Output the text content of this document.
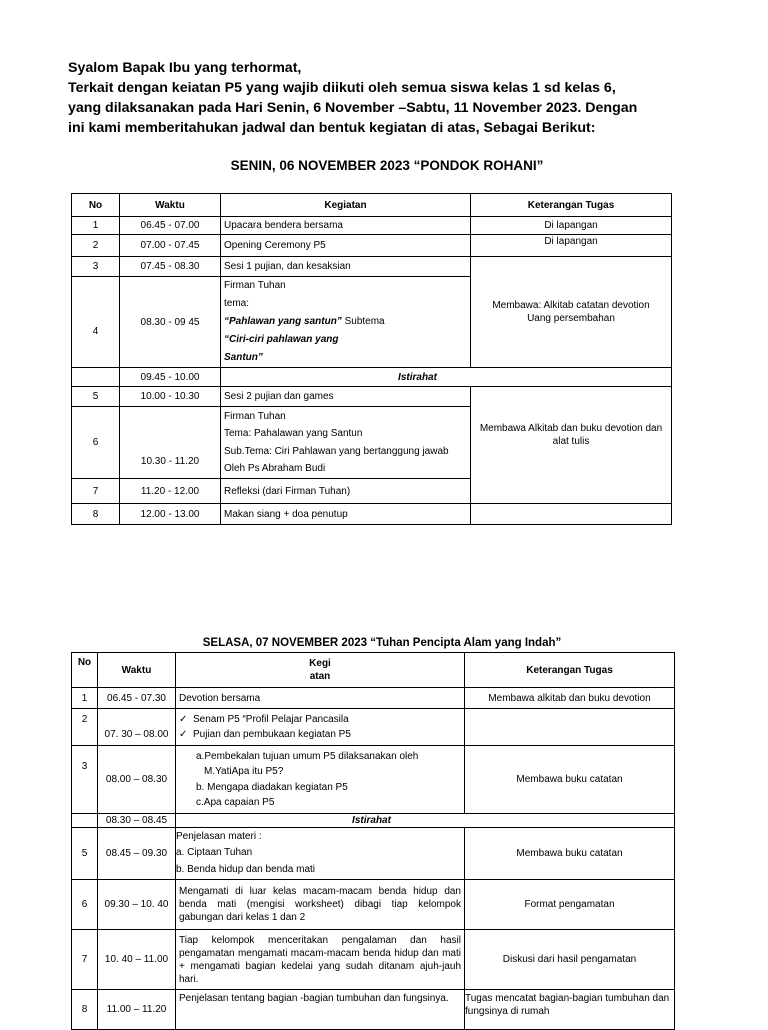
Syalom Bapak Ibu yang terhormat,
Terkait dengan keiatan P5 yang wajib diikuti oleh semua siswa kelas 1 sd kelas 6,
yang dilaksanakan pada Hari Senin, 6 November –Sabtu, 11 November 2023. Dengan
ini kami memberitahukan jadwal dan bentuk kegiatan di atas, Sebagai Berikut:
SENIN, 06 NOVEMBER 2023 “PONDOK ROHANI”
No	Waktu	Kegiatan	Keterangan Tugas
1	06.45 - 07.00	Upacara bendera bersama	Di lapangan
2	07.00 - 07.45	Opening Ceremony P5	Di lapangan
3	07.45 - 08.30	Sesi 1 pujian, dan kesaksian	Membawa: Alkitab catatan devotion
Uang persembahan

4	08.30 - 09 45	Firman Tuhan
tema:
“Pahlawan yang santun” Subtema
“Ciri-ciri pahlawan yang
Santun”	

	09.45 - 10.00	Istirahat	
5	10.00 - 10.30	Sesi 2 pujian dan games	Membawa Alkitab dan buku devotion dan
alat tulis

6	10.30 - 11.20	Firman Tuhan
Tema: Pahalawan yang Santun
Sub.Tema: Ciri Pahlawan yang bertanggung jawab
Oleh Ps Abraham Budi	

7	11.20 - 12.00	Refleksi (dari Firman Tuhan)	
8	12.00 - 13.00	Makan siang + doa penutup	
SELASA, 07 NOVEMBER 2023 “Tuhan Pencipta Alam yang Indah”
No	Waktu	Kegi
atan	Keterangan Tugas
1	06.45 - 07.30	Devotion bersama	Membawa alkitab dan buku devotion
2	07. 30 – 08.00	✓ Senam P5 “Profil Pelajar Pancasila
✓ Pujian dan pembukaan kegiatan P5	

3	08.00 – 08.30	a.Pembekalan tujuan umum P5 dilaksanakan oleh
M.YatiApa itu P5?
b. Mengapa diadakan kegiatan P5
c.Apa capaian P5	Membawa buku catatan
	08.30 – 08.45	Istirahat	
5	08.45 – 09.30	Penjelasan materi :
a. Ciptaan Tuhan
b. Benda hidup dan benda mati	Membawa buku catatan
6	09.30 – 10. 40	Mengamati di luar kelas macam-macam benda hidup dan benda mati (mengisi worksheet) dibagi tiap kelompok gabungan dari kelas 1 dan 2	Format pengamatan
7	10. 40 – 11.00	Tiap kelompok menceritakan pengalaman dan hasil pengamatan mengamati macam-macam benda hidup dan mati + mengamati bagian kedelai yang sudah ditanam ajuh-jauh hari.	Diskusi dari hasil pengamatan
8	11.00 – 11.20	Penjelasan tentang bagian -bagian tumbuhan dan fungsinya.	Tugas mencatat bagian-bagian tumbuhan dan fungsinya di rumah
